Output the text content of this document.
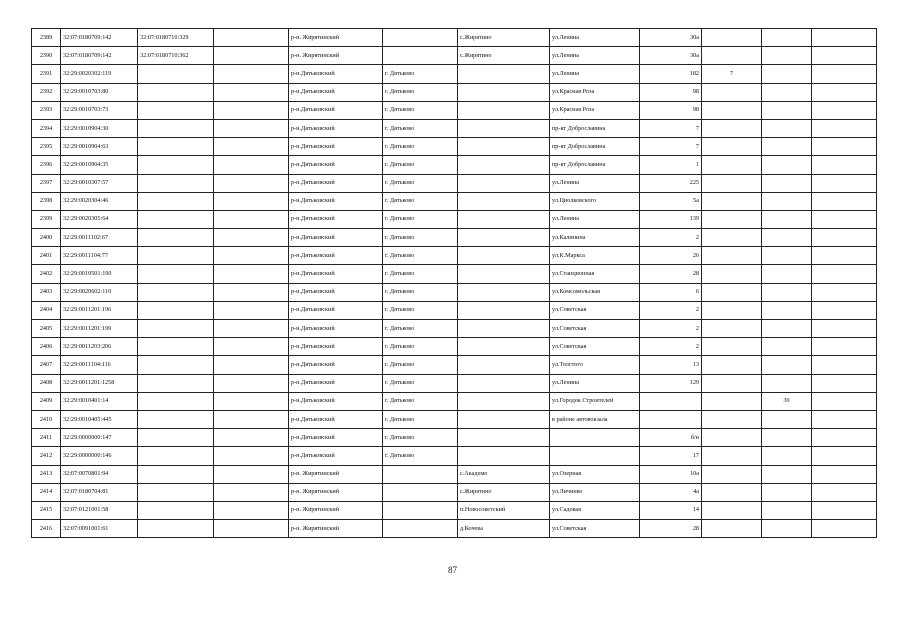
2389	32:07:0180709:142	32:07:0180710:329		р-н. Жирятинский		с.Жирятино	ул.Ленина	30а			
2390	32:07:0180709:142	32:07:0180710:362		р-н. Жирятинский		с.Жирятино	ул.Ленина	30а			
2391	32:29:0020302:119			р-н.Дятьковский	г. Дятьково		ул.Ленина	182	7		
2392	32:29:0010703:80			р-н.Дятьковский	г. Дятьково		ул.Красная Роза	98			
2393	32:29:0010703:73			р-н.Дятьковский	г. Дятьково		ул.Красная Роза	98			
2394	32:29:0010904:30			р-н.Дятьковский	г. Дятьково		пр-кт Доброславина	7			
2395	32:29:0010904:63			р-н.Дятьковский	г. Дятьково		пр-кт Доброславина	7			
2396	32:29:0010904:35			р-н.Дятьковский	г. Дятьково		пр-кт Доброславина	1			
2397	32:29:0010307:57			р-н.Дятьковский	г. Дятьково		ул.Ленина	225			
2398	32:29:0020304:46			р-н.Дятьковский	г. Дятьково		ул.Циолковского	5а			
2399	32:29:0020305:64			р-н.Дятьковский	г. Дятьково		ул.Ленина	139			
2400	32:29:0011102:67			р-н.Дятьковский	г. Дятьково		ул.Калинина	2			
2401	32:29:0011104:77			р-н.Дятьковский	г. Дятьково		ул.К.Маркса	26			
2402	32:29:0010501:190			р-н.Дятьковский	г. Дятьково		ул.Станционная	28			
2403	32:29:0020602:110			р-н.Дятьковский	г. Дятьково		ул.Комсомольская	6			
2404	32:29:0011201:196			р-н.Дятьковский	г. Дятьково		ул.Советская	2			
2405	32:29:0011201:199			р-н.Дятьковский	г. Дятьково		ул.Советская	2			
2406	32:29:0011203:206			р-н.Дятьковский	г. Дятьково		ул.Советская	2			
2407	32:29:0011104:116			р-н.Дятьковский	г. Дятьково		ул.Толстого	13			
2408	32:29:0011201:1258			р-н.Дятьковский	г. Дятьково		ул.Ленина	129			
2409	32:29:0010401:14			р-н.Дятьковский	г. Дятьково		ул.Городок Строителей			30	
2410	32:29:0010405:445			р-н.Дятьковский	г. Дятьково		в районе автовокзала				
2411	32:29:0000000:147			р-н.Дятьковский	г. Дятьково			б/н			
2412	32:29:0000000:146			р-н.Дятьковский	г. Дятьково			17			
2413	32:07:0070801:94			р-н. Жирятинский		с.Академо	ул.Озерная	10а			
2414	32:07:0180704:81			р-н. Жирятинский		с.Жирятино	ул.Личинко	4а			
2415	32:07:0121001:58			р-н. Жирятинский		п.Новосоветский	ул.Садовая	14			
2416	32:07:0091001:61			р-н. Жирятинский		д.Кочева	ул.Советская	28			
87
